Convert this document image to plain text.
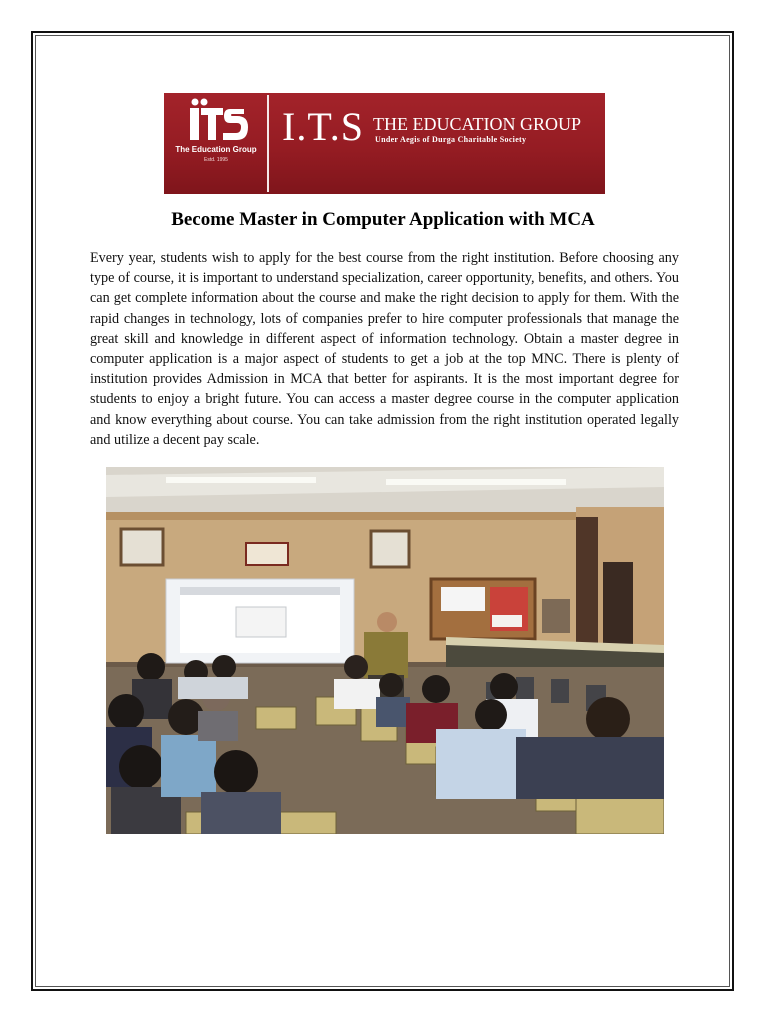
The Education Group
Estd. 1995
I.T.S THE EDUCATION GROUP
Under Aegis of Durga Charitable Society
Become Master in Computer Application with MCA

Every year, students wish to apply for the best course from the right institution. Before choosing any type of course, it is important to understand specialization, career opportunity, benefits, and others. You can get complete information about the course and make the right decision to apply for them. With the rapid changes in technology, lots of companies prefer to hire computer professionals that manage the great skill and knowledge in different aspect of information technology. Obtain a master degree in computer application is a major aspect of students to get a job at the top MNC. There is plenty of institution provides Admission in MCA that better for aspirants. It is the most important degree for students to enjoy a bright future. You can access a master degree course in the computer application and know everything about course. You can take admission from the right institution operated legally and utilize a decent pay scale.
